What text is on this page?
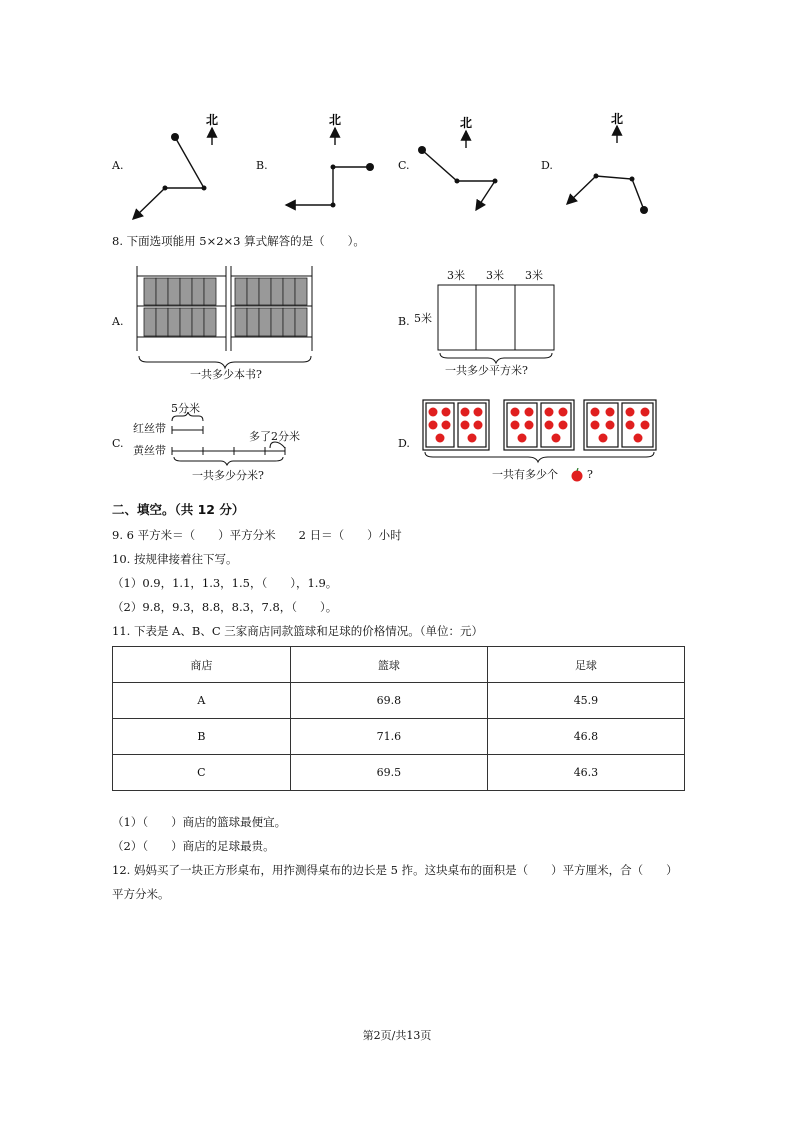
A.	B.	C.	D.
北	北	北	北
8. 下面选项能用 5×2×3 算式解答的是（　　）。
A.
一共多少本书?
B.
3米 3米 3米
5米
一共多少平方米?
C.
5分米
红丝带
黄丝带
多了2分米
一共多少分米?
D.
一共有多少个	?
二、填空。（共 12 分）
9. 6 平方米＝（　　）平方分米　　2 日＝（　　）小时
10. 按规律接着往下写。
（1）0.9，1.1，1.3，1.5，（　　），1.9。
（2）9.8，9.3，8.8，8.3，7.8，（　　）。
11. 下表是 A、B、C 三家商店同款篮球和足球的价格情况。（单位：元）
商店	篮球	足球
A	69.8	45.9
B	71.6	46.8
C	69.5	46.3
（1）（　　）商店的篮球最便宜。
（2）（　　）商店的足球最贵。
12. 妈妈买了一块正方形桌布，用拃测得桌布的边长是 5 拃。这块桌布的面积是（　　）平方厘米，合（　　）
平方分米。
第2页/共13页
